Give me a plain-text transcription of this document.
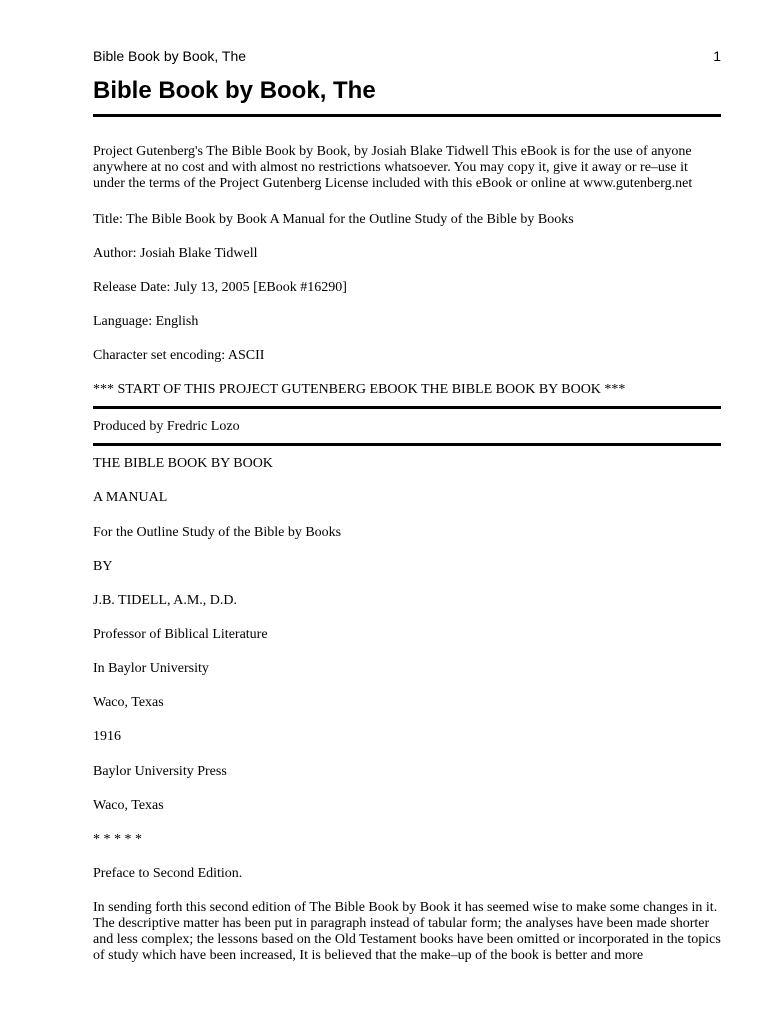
Bible Book by Book, The	1
Bible Book by Book, The

Project Gutenberg's The Bible Book by Book, by Josiah Blake Tidwell This eBook is for the use of anyone anywhere at no cost and with almost no restrictions whatsoever. You may copy it, give it away or re–use it under the terms of the Project Gutenberg License included with this eBook or online at www.gutenberg.net

Title: The Bible Book by Book A Manual for the Outline Study of the Bible by Books

Author: Josiah Blake Tidwell

Release Date: July 13, 2005 [EBook #16290]

Language: English

Character set encoding: ASCII

*** START OF THIS PROJECT GUTENBERG EBOOK THE BIBLE BOOK BY BOOK ***

Produced by Fredric Lozo

THE BIBLE BOOK BY BOOK

A MANUAL

For the Outline Study of the Bible by Books

BY

J.B. TIDELL, A.M., D.D.

Professor of Biblical Literature

In Baylor University

Waco, Texas

1916

Baylor University Press

Waco, Texas

* * * * *

Preface to Second Edition.

In sending forth this second edition of The Bible Book by Book it has seemed wise to make some changes in it. The descriptive matter has been put in paragraph instead of tabular form; the analyses have been made shorter and less complex; the lessons based on the Old Testament books have been omitted or incorporated in the topics of study which have been increased, It is believed that the make–up of the book is better and more
